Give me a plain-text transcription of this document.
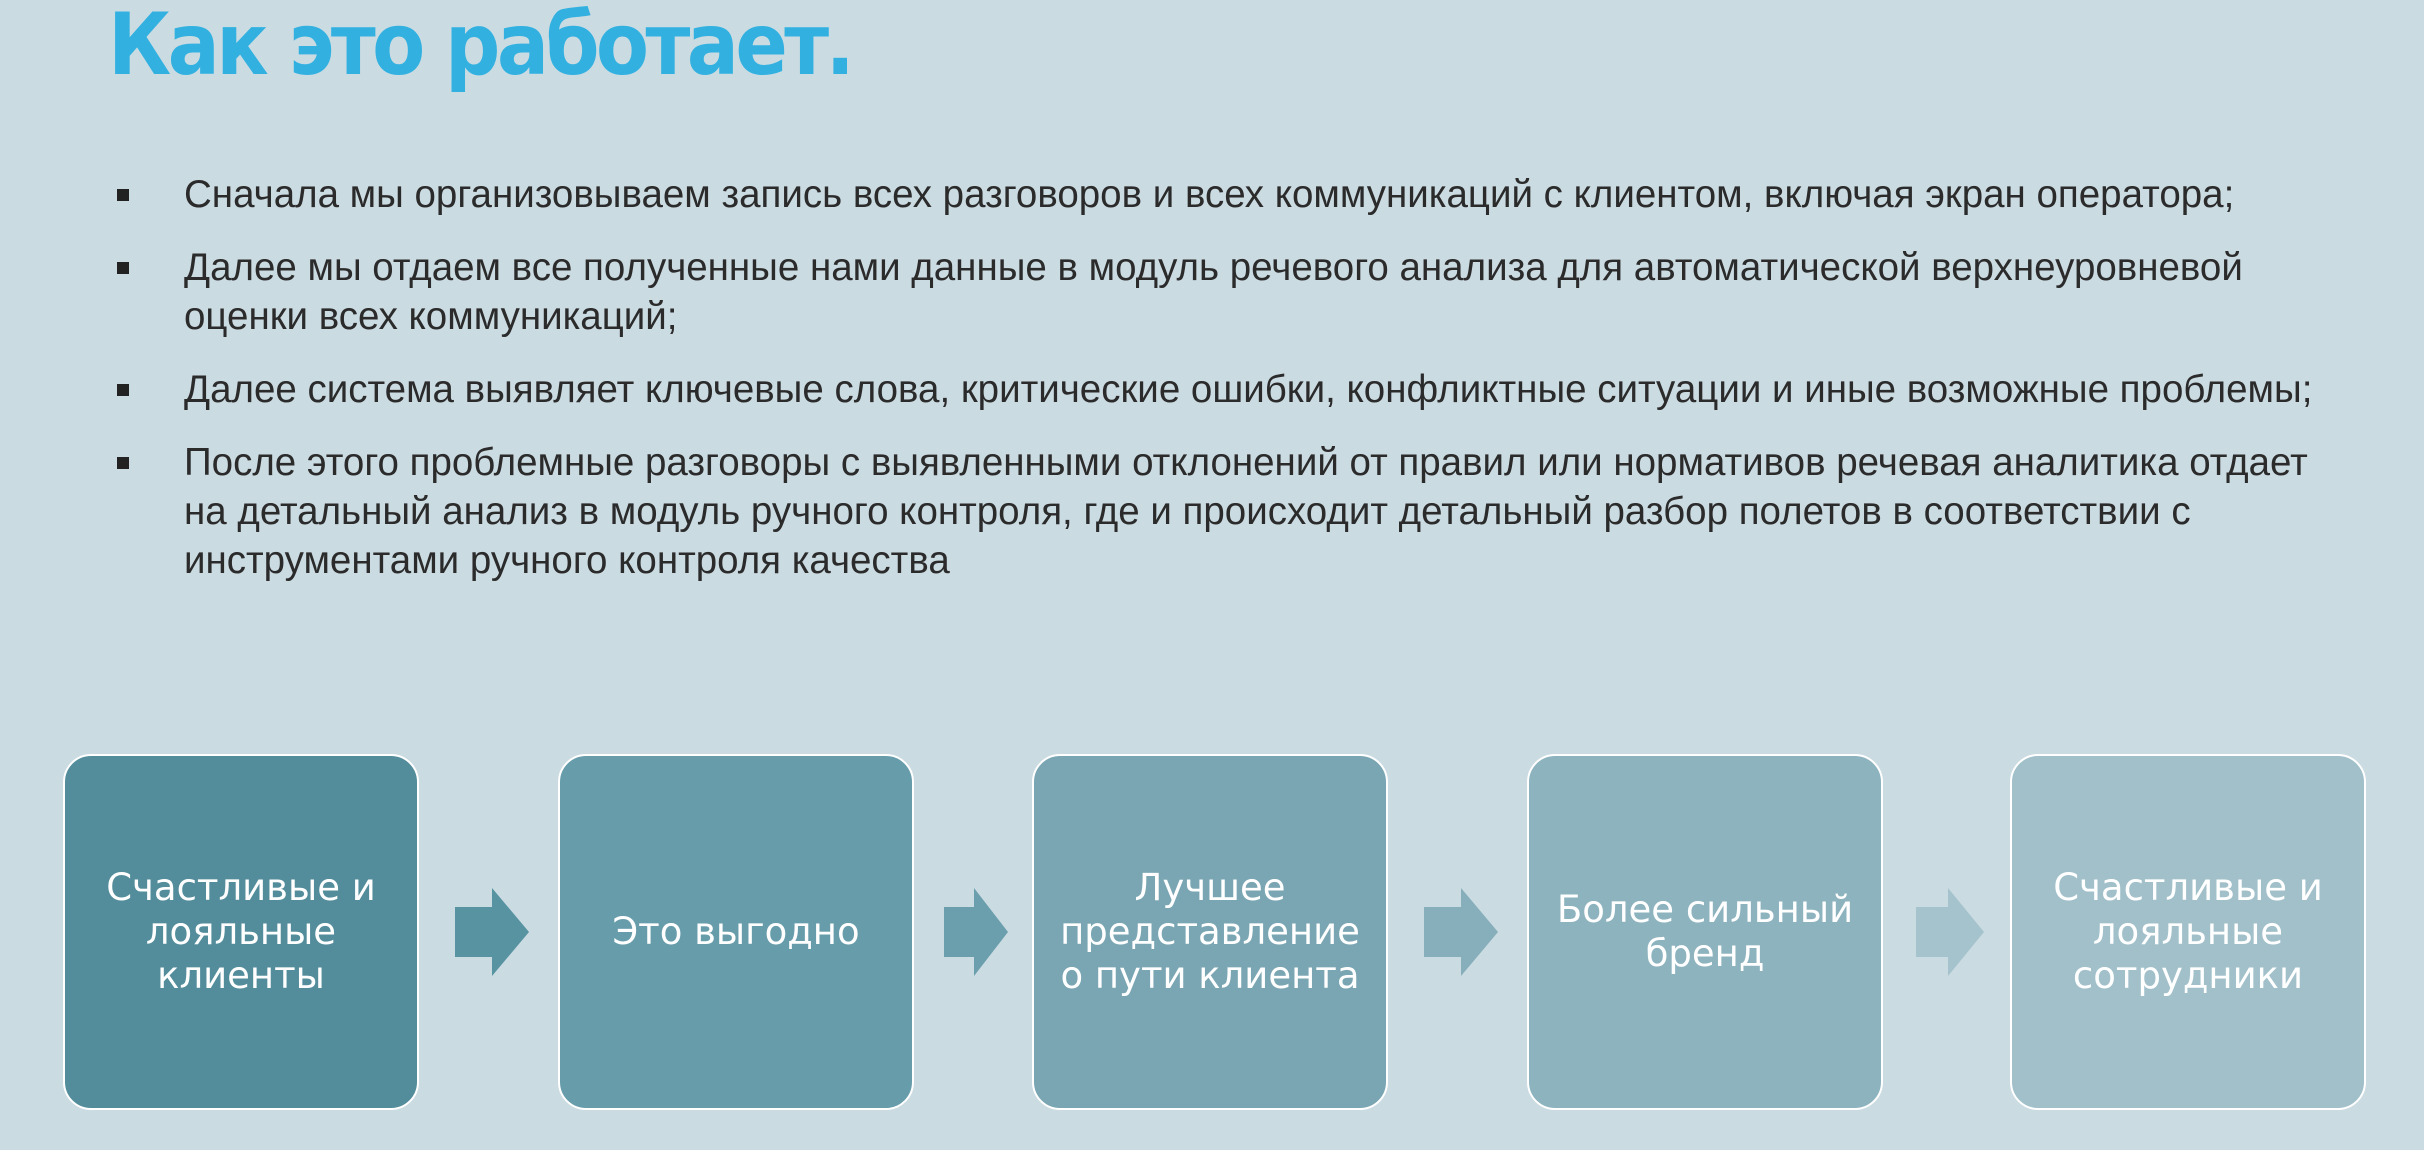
Как это работает.
Сначала мы организовываем запись всех разговоров и всех коммуникаций с клиентом, включая экран оператора;
Далее мы отдаем все полученные нами данные в модуль речевого анализа для автоматической верхнеуровневой оценки всех коммуникаций;
Далее система выявляет ключевые слова, критические ошибки, конфликтные ситуации и иные возможные проблемы;
После этого проблемные разговоры с выявленными отклонений от правил или нормативов речевая аналитика отдает на детальный анализ в модуль ручного контроля, где и происходит детальный разбор полетов в соответствии с инструментами ручного контроля качества
Счастливые и
лояльные
клиенты
Это выгодно
Лучшее
представление
о пути клиента
Более сильный
бренд
Счастливые и
лояльные
сотрудники
